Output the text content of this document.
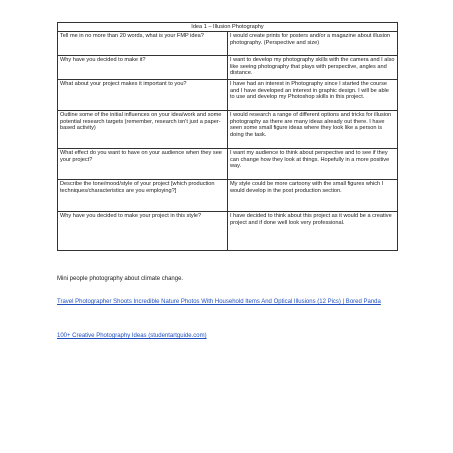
Idea 1 – Illusion Photography	
Tell me in no more than 20 words, what is your FMP idea?	I would create prints for posters and/or a magazine about illusion photography. (Perspective and size)
Why have you decided to make it?	I want to develop my photography skills with the camera and I also like seeing photography that plays with perspective, angles and distance.
What about your project makes it important to you?	I have had an interest in Photography since I started the course and I have developed an interest in graphic design. I will be able to use and develop my Photoshop skills in this project.
Outline some of the initial influences on your idea/work and some potential research targets (remember, research isn't just a paper-based activity)	I would research a range of different options and tricks for illusion photography as there are many ideas already out there. I have seen some small figure ideas where they look like a person is doing the task.
What effect do you want to have on your audience when they see your project?	I want my audience to think about perspective and to see if they can change how they look at things. Hopefully in a more positive way.
Describe the tone/mood/style of your project [which production techniques/characteristics are you employing?]	My style could be more cartoony with the small figures which I would develop in the post production section.
Why have you decided to make your project in this style?	I have decided to think about this project as it would be a creative project and if done well look very professional.
Mini people photography about climate change.
Travel Photographer Shoots Incredible Nature Photos With Household Items And Optical Illusions (12 Pics) | Bored Panda
100+ Creative Photography Ideas (studentartguide.com)
